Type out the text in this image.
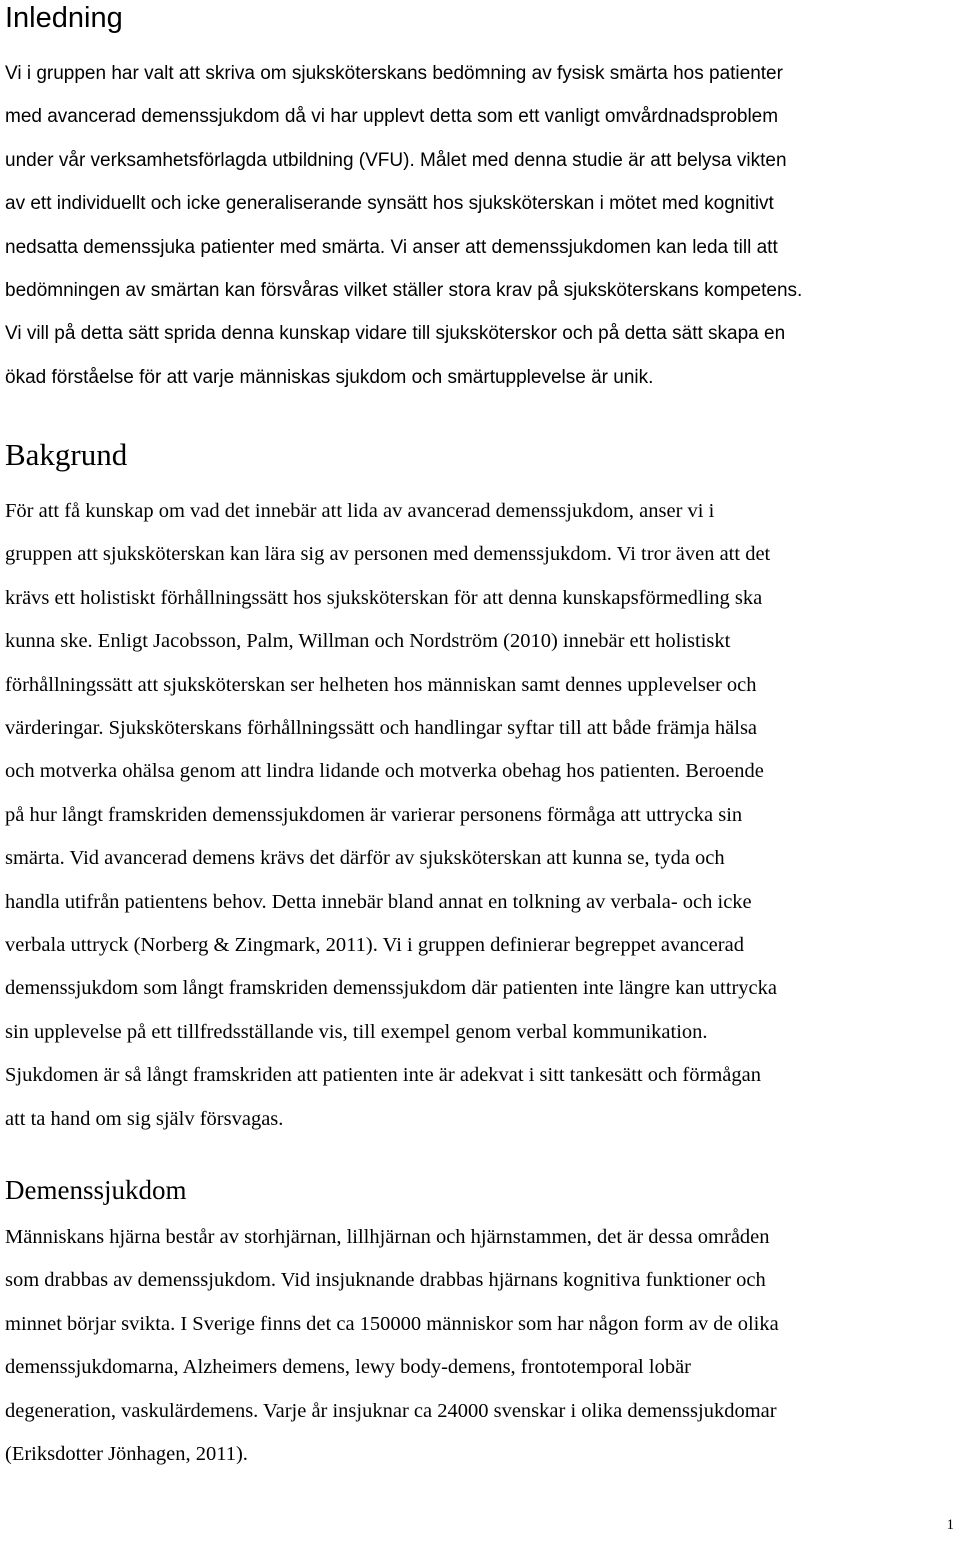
Inledning
Vi i gruppen har valt att skriva om sjuksköterskans bedömning av fysisk smärta hos patienter
med avancerad demenssjukdom då vi har upplevt detta som ett vanligt omvårdnadsproblem
under vår verksamhetsförlagda utbildning (VFU). Målet med denna studie är att belysa vikten
av ett individuellt och icke generaliserande synsätt hos sjuksköterskan i mötet med kognitivt
nedsatta demenssjuka patienter med smärta. Vi anser att demenssjukdomen kan leda till att
bedömningen av smärtan kan försvåras vilket ställer stora krav på sjuksköterskans kompetens.
Vi vill på detta sätt sprida denna kunskap vidare till sjuksköterskor och på detta sätt skapa en
ökad förståelse för att varje människas sjukdom och smärtupplevelse är unik.
Bakgrund
För att få kunskap om vad det innebär att lida av avancerad demenssjukdom, anser vi i
gruppen att sjuksköterskan kan lära sig av personen med demenssjukdom. Vi tror även att det
krävs ett holistiskt förhållningssätt hos sjuksköterskan för att denna kunskapsförmedling ska
kunna ske. Enligt Jacobsson, Palm, Willman och Nordström (2010) innebär ett holistiskt
förhållningssätt att sjuksköterskan ser helheten hos människan samt dennes upplevelser och
värderingar. Sjuksköterskans förhållningssätt och handlingar syftar till att både främja hälsa
och motverka ohälsa genom att lindra lidande och motverka obehag hos patienten. Beroende
på hur långt framskriden demenssjukdomen är varierar personens förmåga att uttrycka sin
smärta. Vid avancerad demens krävs det därför av sjuksköterskan att kunna se, tyda och
handla utifrån patientens behov. Detta innebär bland annat en tolkning av verbala- och icke
verbala uttryck (Norberg & Zingmark, 2011). Vi i gruppen definierar begreppet avancerad
demenssjukdom som långt framskriden demenssjukdom där patienten inte längre kan uttrycka
sin upplevelse på ett tillfredsställande vis, till exempel genom verbal kommunikation.
Sjukdomen är så långt framskriden att patienten inte är adekvat i sitt tankesätt och förmågan
att ta hand om sig själv försvagas.
Demenssjukdom
Människans hjärna består av storhjärnan, lillhjärnan och hjärnstammen, det är dessa områden
som drabbas av demenssjukdom. Vid insjuknande drabbas hjärnans kognitiva funktioner och
minnet börjar svikta. I Sverige finns det ca 150000 människor som har någon form av de olika
demenssjukdomarna, Alzheimers demens, lewy body-demens, frontotemporal lobär
degeneration, vaskulärdemens. Varje år insjuknar ca 24000 svenskar i olika demenssjukdomar
(Eriksdotter Jönhagen, 2011).
1
